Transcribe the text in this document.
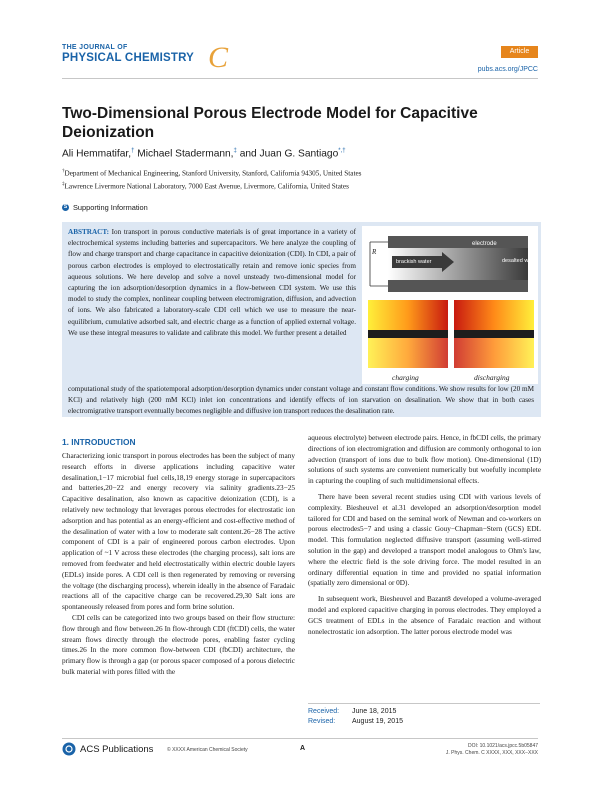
THE JOURNAL OF
PHYSICAL CHEMISTRY C	Article
pubs.acs.org/JPCC
Two-Dimensional Porous Electrode Model for Capacitive Deionization
Ali Hemmatifar,† Michael Stadermann,‡ and Juan G. Santiago*,†
†Department of Mechanical Engineering, Stanford University, Stanford, California 94305, United States
‡Lawrence Livermore National Laboratory, 7000 East Avenue, Livermore, California, United States
S Supporting Information
ABSTRACT: Ion transport in porous conductive materials is of great importance in a variety of electrochemical systems including batteries and supercapacitors. We here analyze the coupling of flow and charge transport and charge capacitance in capacitive deionization (CDI). In CDI, a pair of porous carbon electrodes is employed to electrostatically retain and remove ionic species from aqueous solutions. We here develop and solve a novel unsteady two-dimensional model for capturing the ion adsorption/desorption dynamics in a flow-between CDI system. We use this model to study the complex, nonlinear coupling between electromigration, diffusion, and advection of ions. We also fabricated a laboratory-scale CDI cell which we use to measure the near-equilibrium, cumulative adsorbed salt, and electric charge as a function of applied external voltage. We use these integral measures to validate and calibrate this model. We further present a detailed
computational study of the spatiotemporal adsorption/desorption dynamics under constant voltage and constant flow conditions. We show results for low (20 mM KCl) and relatively high (200 mM KCl) inlet ion concentrations and identify effects of ion starvation on desalination. We show that in both cases electromigrative transport eventually becomes negligible and diffusive ion transport reduces the desalination rate.
electrode
brackish water	desalted water
R
charging	discharging
1. INTRODUCTION

Characterizing ionic transport in porous electrodes has been the subject of many research efforts in diverse applications including capacitive water desalination,1−17 microbial fuel cells,18,19 energy storage in supercapacitors and batteries,20−22 and energy recovery via salinity gradients.23−25 Capacitive desalination, also known as capacitive deionization (CDI), is a relatively new technology that leverages porous electrodes for electrostatic ion adsorption and has potential as an energy-efficient and cost-effective method of the desalination of water with a low to moderate salt content.26−28 The active component of CDI is a pair of engineered porous carbon electrodes. Upon application of ~1 V across these electrodes (the charging process), salt ions are removed from feedwater and held electrostatically within electric double layers (EDLs) inside pores. A CDI cell is then regenerated by removing or reversing the voltage (the discharging process), wherein ideally in the absence of Faradaic reactions all of the capacitive charge can be recovered.29,30 Salt ions are spontaneously released from pores and form brine solution.

CDI cells can be categorized into two groups based on their flow structure: flow through and flow between.26 In flow-through CDI (ftCDI) cells, the water stream flows directly through the electrode pores, enabling faster cycling times.26 In the more common flow-between CDI (fbCDI) architecture, the primary flow is through a gap (or porous spacer composed of a porous dielectric bulk material with pores filled with the

aqueous electrolyte) between electrode pairs. Hence, in fbCDI cells, the primary directions of ion electromigration and diffusion are commonly orthogonal to ion advection (transport of ions due to bulk flow motion). One-dimensional (1D) solutions of such systems are convenient numerically but woefully incomplete in capturing the coupling of such multidimensional effects.

There have been several recent studies using CDI with various levels of complexity. Biesheuvel et al.31 developed an adsorption/desorption model tailored for CDI and based on the seminal work of Newman and co-workers on porous electrodes5−7 and using a classic Gouy−Chapman−Stern (GCS) EDL model. This formulation neglected diffusive transport (assuming well-stirred solution in the gap) and developed a transport model analogous to Ohm's law, where the electric field is the sole driving force. The model resulted in an ordinary differential equation in time and provided no spatial information (spatially zero dimensional or 0D).

In subsequent work, Biesheuvel and Bazant8 developed a volume-averaged model and explored capacitive charging in porous electrodes. They employed a GCS treatment of EDLs in the absence of Faradaic reaction and without nonelectrostatic ion adsorption. The latter porous electrode model was

Received: June 18, 2015
Revised: August 19, 2015
ACS Publications	© XXXX American Chemical Society	A	DOI: 10.1021/acs.jpcc.5b05847
J. Phys. Chem. C XXXX, XXX, XXX−XXX
